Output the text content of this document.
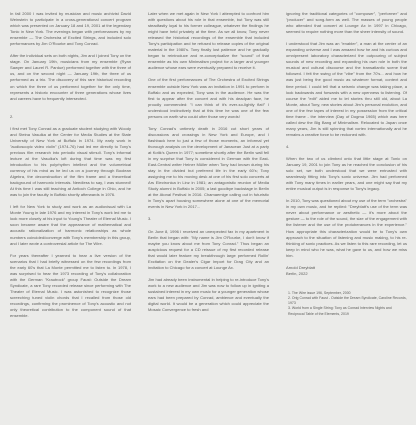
In fall 2000 I was invited by musician and music archivist David Weinstein to participate in a cross-generational concert program which was presented on January 18 and 19, 2001 at the legendary Tonic in New York. The evenings began with performances by my ensemble — The Orchestra of Excited Strings, and included solo performances by Jim O'Rourke and Tony Conrad.

After the individual sets on both nights, Jim and I joined Tony on the stage. On January 19th, musicians from my ensemble (Ryan Sawyer and Laurel R. Pardue) performed together with the three of us, and on the second night — January 19th, the three of us performed as a trio. The discovery of this rare historical recording on which the three of us performed together for the only time, represents a historic encounter of three generations whose lives and careers have to frequently intersected.

2.

I first met Tony Conrad as a graduate student studying with Woody and Steina Vasulka at the Center for Media Studies at the State University of New York at Buffalo in 1974. My early work in "audioscopic video violin" (1974-76) had led me directly to Tony's previous film research into periodic visual stimuli. Tony's informal lecture at the Vasulka's loft during that time was my first introduction to his polyrhythm intellect and the volumetrical currency of his mind as he led us on a journey through Boolean Algebra, the deconstruction of the film frame and a theoretical background of harmonic intervals. Needless to say, I was stunned! At this time I was still teaching at Antioch College in Ohio, and he was to join the faculty in Buffalo shortly afterwards in 1976.

I left for New York to study and work as an audiovisual with La Monte Young in late 1976 and my interest in Tony's work led me to look more closely at his input to Young's Theater of Eternal Music. I soon became aware that the appearance of mathematical and acoustic rationalization of harmonic relationships as whole numbers coincided/converge with Tony's membership in this group, and I later wrote a controversial article for The Wire.

For years thereafter I yearned to hear a live version of the scenarios that I had briefly witnessed on the few recordings from the early 60's that La Monte permitted me to listen to. In 1978, I was surprised to hear the 1973 recording of Tony's collaboration with the German "Krautrock" group Faust: Outside the Dream Syndicate, a rare Tony recorded release since performing with The Theater of Eternal Music. I was astonished to recognize those screeching tuned violin chords that I recalled from those old recordings, confirming the prominence of Tony's acoustic and not only theoretical contribution to the component sound of that ensemble.

Later when we met again in New York I attempted to confront him with questions about his role in that ensemble, but Tony was still steadfastly loyal to his former colleague, whatever the findings he might have held privately at the time. As we all know, Tony never released the historical recordings of the ensemble that included Tony's participation and he refused to release copies of the original material in the 1980's. Tony finally lost patience and he gradually began to reintroduce and re-conceptualize the "sound" of that ensemble as his own Minimalism project for a larger and younger audience whose ears were eventually prepared to receive it.

One of the first performances of The Orchestra of Excited Strings ensemble outside New York was an invitation in 1991 to perform in Buffalo and as expected, Tony was in the audience. He was the first to appear after the concert and with his deadpan face, he proudly commended: "I can think of it's ever-so-lightly flat!" I understood instinctively that at this time he was one of the few persons on earth who could utter those very words!

Tony Conrad's untimely death in 2016 cut short years of discussions and crossings in New York and Europe, and I flashback here to just a few of those moments, an informal yet thorough analysis on the development of Janacean Just at a party at Kotik's Queen in 1977; sometime shortly after the Berlin wall fell in my surprise that Tony is considered in German with the East-East-Central writer Heiner Müller when Tony had known during his stay in the divided but preferred life in the early 60's; Tony assigning me to his moving desk at one of his first solo concerts at Ars Electronica in Linz in 1981; an antagonistic reunion of Media Study alumni in Buffalo in 2005; a last goodbye backstage in Berlin at the Atonal Festival in 2016. Chamaemige calling out in futuristic in Tony's apart housing somewhere alone at one of the memorial events in New York in 2017...

3.

On June 8, 1996 I received an unexpected fax in my apartment in Berlin that began with: "My name is Jim O'Rourke, I don't know if maybe you know about me from Tony Conrad." Thus began an auspicious request for a CD reissue of my first recorded release that would later feature my breakthrough large performed Rollin' Excitation on the Dealer's Cigar Import for Drag City and an invitation to Chicago for a concert at Lounge Ax.

Jim had already been instrumental in helping to re-introduce Tony's work to a new audience and Jim was now to follow up in igniting a sustained interest in my own music for a younger generation whose ears had been prepared by Conrad, ambience and eventually the digital world. It would be a generation which could appreciate the Mosaic Convergence to fresh and

ignoring the traditional categories of "composer", "performer" and "producer" and song-form as well. The masses of young people who attended that concert at Lounge Ax in 1997 in Chicago, seemed to require nothing more than the sheer intensity of sound.

I understood that Jim was an "enabler", a man at the center of an expanding universe and I was amazed how he and his curious and omnipresent laboratory characterized the outpouring of subject sounds of new recording and expanding his own role in both the musical and cultural discourse and the transatlantic scene that followed. I felt the swing of the "vibe" from the 70's... and how he was just being the good music as whatever format, context and time period. I could tell that a seismic change was taking place, a look backwards and forwards with a new openness to listening. Of course the "edit" aided me to let stories thru still old, about La Monte, about Tony, new stories about Jim's personal evolution, and one of the few tapes of interest in my possession from the critical time frame - the interview (Day of Dogma 1965) which was here called dew the Big Bang of Minimalism. Relocated to Japan once many years, Jim is still spinning that vortex internationally and he remains a creative force to be reckoned with.

4.

When the two of us climbed onto that little stage at Tonic on January 19, 2001 to join Tony as he reached the conclusion of his solo set, we both understood that we were entrusted with seamlessly fitting into Tony's sonic universe. Jim had performed with Tony many times in earlier years, and one might say that my entire musical output is in response to Tony's legacy.

In 2010, Tony was questioned about my use of the term "orchestra" in my own music, and he replied: "Dreyblatt's use of the term was never about performance or aesthetic — it's more about the gesture — to the role of the sound, the size of the engagement with the listener and the use of the protuberances in the experience." How appropriate this characterization would be to Tony's own approach to the situation of listening and music making, to his re-thinking of sonic practices. As we listen to this rare recording, let us keep in mind who he was, what he gave to us, and how we miss him.

Arnold Dreyblatt

Berlin, 2022

1. The Wire issue 196, September, 2000

2. Orig Conrad with Faust - Outside the Dream Syndicate, Caroline Records, 1973

3. World from a Single String: Tony as Conrad Interview Nights and Reciprocal Table of the Elements, 2019
